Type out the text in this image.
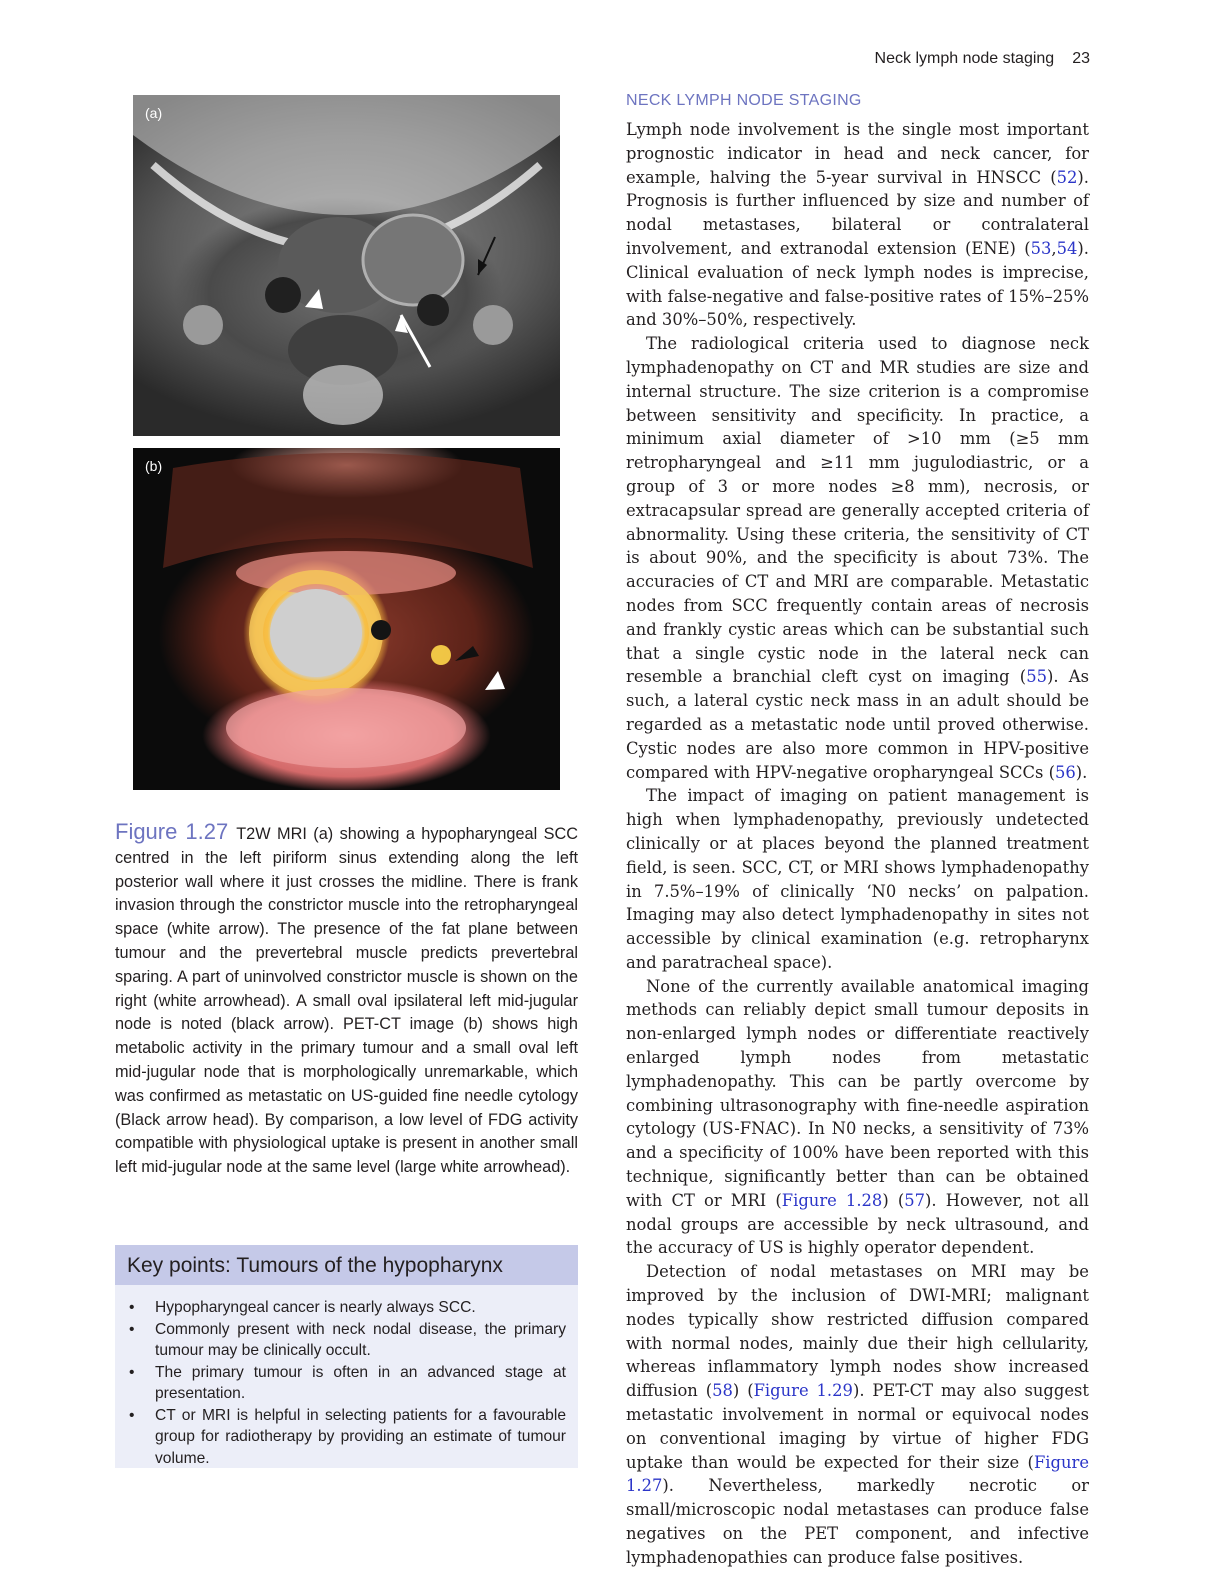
Neck lymph node staging 23
(a)
(b)
Figure 1.27 T2W MRI (a) showing a hypopharyngeal SCC centred in the left piriform sinus extending along the left posterior wall where it just crosses the midline. There is frank invasion through the constrictor muscle into the retropharyngeal space (white arrow). The presence of the fat plane between tumour and the prevertebral muscle predicts prevertebral sparing. A part of uninvolved constrictor muscle is shown on the right (white arrowhead). A small oval ipsilateral left mid-jugular node is noted (black arrow). PET-CT image (b) shows high metabolic activity in the primary tumour and a small oval left mid-jugular node that is morphologically unremarkable, which was confirmed as metastatic on US-guided fine needle cytology (Black arrow head). By comparison, a low level of FDG activity compatible with physiological uptake is present in another small left mid-jugular node at the same level (large white arrowhead).
Key points: Tumours of the hypopharynx
• Hypopharyngeal cancer is nearly always SCC.
• Commonly present with neck nodal disease, the primary tumour may be clinically occult.
• The primary tumour is often in an advanced stage at presentation.
• CT or MRI is helpful in selecting patients for a favourable group for radiotherapy by providing an estimate of tumour volume.
NECK LYMPH NODE STAGING

Lymph node involvement is the single most important prognostic indicator in head and neck cancer, for example, halving the 5-year survival in HNSCC (52). Prognosis is further influenced by size and number of nodal metastases, bilateral or contralateral involvement, and extranodal extension (ENE) (53,54). Clinical evaluation of neck lymph nodes is imprecise, with false-negative and false-positive rates of 15%–25% and 30%–50%, respectively.

The radiological criteria used to diagnose neck lymphadenopathy on CT and MR studies are size and internal structure. The size criterion is a compromise between sensitivity and specificity. In practice, a minimum axial diameter of >10 mm (≥5 mm retropharyngeal and ≥11 mm jugulodiastric, or a group of 3 or more nodes ≥8 mm), necrosis, or extracapsular spread are generally accepted criteria of abnormality. Using these criteria, the sensitivity of CT is about 90%, and the specificity is about 73%. The accuracies of CT and MRI are comparable. Metastatic nodes from SCC frequently contain areas of necrosis and frankly cystic areas which can be substantial such that a single cystic node in the lateral neck can resemble a branchial cleft cyst on imaging (55). As such, a lateral cystic neck mass in an adult should be regarded as a metastatic node until proved otherwise. Cystic nodes are also more common in HPV-positive compared with HPV-negative oropharyngeal SCCs (56).

The impact of imaging on patient management is high when lymphadenopathy, previously undetected clinically or at places beyond the planned treatment field, is seen. SCC, CT, or MRI shows lymphadenopathy in 7.5%–19% of clinically ‘N0 necks’ on palpation. Imaging may also detect lymphadenopathy in sites not accessible by clinical examination (e.g. retropharynx and paratracheal space).

None of the currently available anatomical imaging methods can reliably depict small tumour deposits in non-enlarged lymph nodes or differentiate reactively enlarged lymph nodes from metastatic lymphadenopathy. This can be partly overcome by combining ultrasonography with fine-needle aspiration cytology (US-FNAC). In N0 necks, a sensitivity of 73% and a specificity of 100% have been reported with this technique, significantly better than can be obtained with CT or MRI (Figure 1.28) (57). However, not all nodal groups are accessible by neck ultrasound, and the accuracy of US is highly operator dependent.

Detection of nodal metastases on MRI may be improved by the inclusion of DWI-MRI; malignant nodes typically show restricted diffusion compared with normal nodes, mainly due their high cellularity, whereas inflammatory lymph nodes show increased diffusion (58) (Figure 1.29). PET-CT may also suggest metastatic involvement in normal or equivocal nodes on conventional imaging by virtue of higher FDG uptake than would be expected for their size (Figure 1.27). Nevertheless, markedly necrotic or small/microscopic nodal metastases can produce false negatives on the PET component, and infective lymphadenopathies can produce false positives.
